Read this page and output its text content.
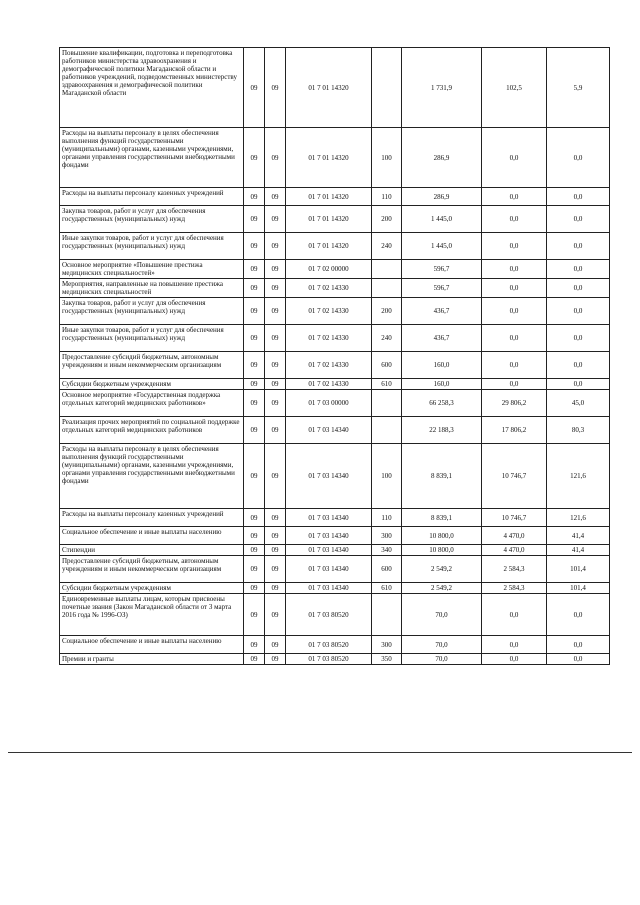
Повышение квалификации, подготовка и переподготовка работников министерства здравоохранения и демографической политики Магаданской области и работников учреждений, подведомственных министерству здравоохранения и демографической политики Магаданской области	09	09	01 7 01 14320		1 731,9	102,5	5,9
Расходы на выплаты персоналу в целях обеспечения выполнения функций государственными (муниципальными) органами, казенными учреждениями, органами управления государственными внебюджетными фондами	09	09	01 7 01 14320	100	286,9	0,0	0,0
Расходы на выплаты персоналу казенных учреждений	09	09	01 7 01 14320	110	286,9	0,0	0,0
Закупка товаров, работ и услуг для обеспечения государственных (муниципальных) нужд	09	09	01 7 01 14320	200	1 445,0	0,0	0,0
Иные закупки товаров, работ и услуг для обеспечения государственных (муниципальных) нужд	09	09	01 7 01 14320	240	1 445,0	0,0	0,0
Основное мероприятие «Повышение престижа медицинских специальностей»	09	09	01 7 02 00000		596,7	0,0	0,0
Мероприятия, направленные на повышение престижа медицинских специальностей	09	09	01 7 02 14330		596,7	0,0	0,0
Закупка товаров, работ и услуг для обеспечения государственных (муниципальных) нужд	09	09	01 7 02 14330	200	436,7	0,0	0,0
Иные закупки товаров, работ и услуг для обеспечения государственных (муниципальных) нужд	09	09	01 7 02 14330	240	436,7	0,0	0,0
Предоставление субсидий бюджетным, автономным учреждениям и иным некоммерческим организациям	09	09	01 7 02 14330	600	160,0	0,0	0,0
Субсидии бюджетным учреждениям	09	09	01 7 02 14330	610	160,0	0,0	0,0
Основное мероприятие «Государственная поддержка отдельных категорий медицинских работников»	09	09	01 7 03 00000		66 258,3	29 806,2	45,0
Реализация прочих мероприятий по социальной поддержке отдельных категорий медицинских работников	09	09	01 7 03 14340		22 188,3	17 806,2	80,3
Расходы на выплаты персоналу в целях обеспечения выполнения функций государственными (муниципальными) органами, казенными учреждениями, органами управления государственными внебюджетными фондами	09	09	01 7 03 14340	100	8 839,1	10 746,7	121,6
Расходы на выплаты персоналу казенных учреждений	09	09	01 7 03 14340	110	8 839,1	10 746,7	121,6
Социальное обеспечение и иные выплаты населению	09	09	01 7 03 14340	300	10 800,0	4 470,0	41,4
Стипендии	09	09	01 7 03 14340	340	10 800,0	4 470,0	41,4
Предоставление субсидий бюджетным, автономным учреждениям и иным некоммерческим организациям	09	09	01 7 03 14340	600	2 549,2	2 584,3	101,4
Субсидии бюджетным учреждениям	09	09	01 7 03 14340	610	2 549,2	2 584,3	101,4
Единовременные выплаты лицам, которым присвоены почетные звания (Закон Магаданской области от 3 марта 2016 года № 1996-ОЗ)	09	09	01 7 03 80520		70,0	0,0	0,0
Социальное обеспечение и иные выплаты населению	09	09	01 7 03 80520	300	70,0	0,0	0,0
Премии и гранты	09	09	01 7 03 80520	350	70,0	0,0	0,0
